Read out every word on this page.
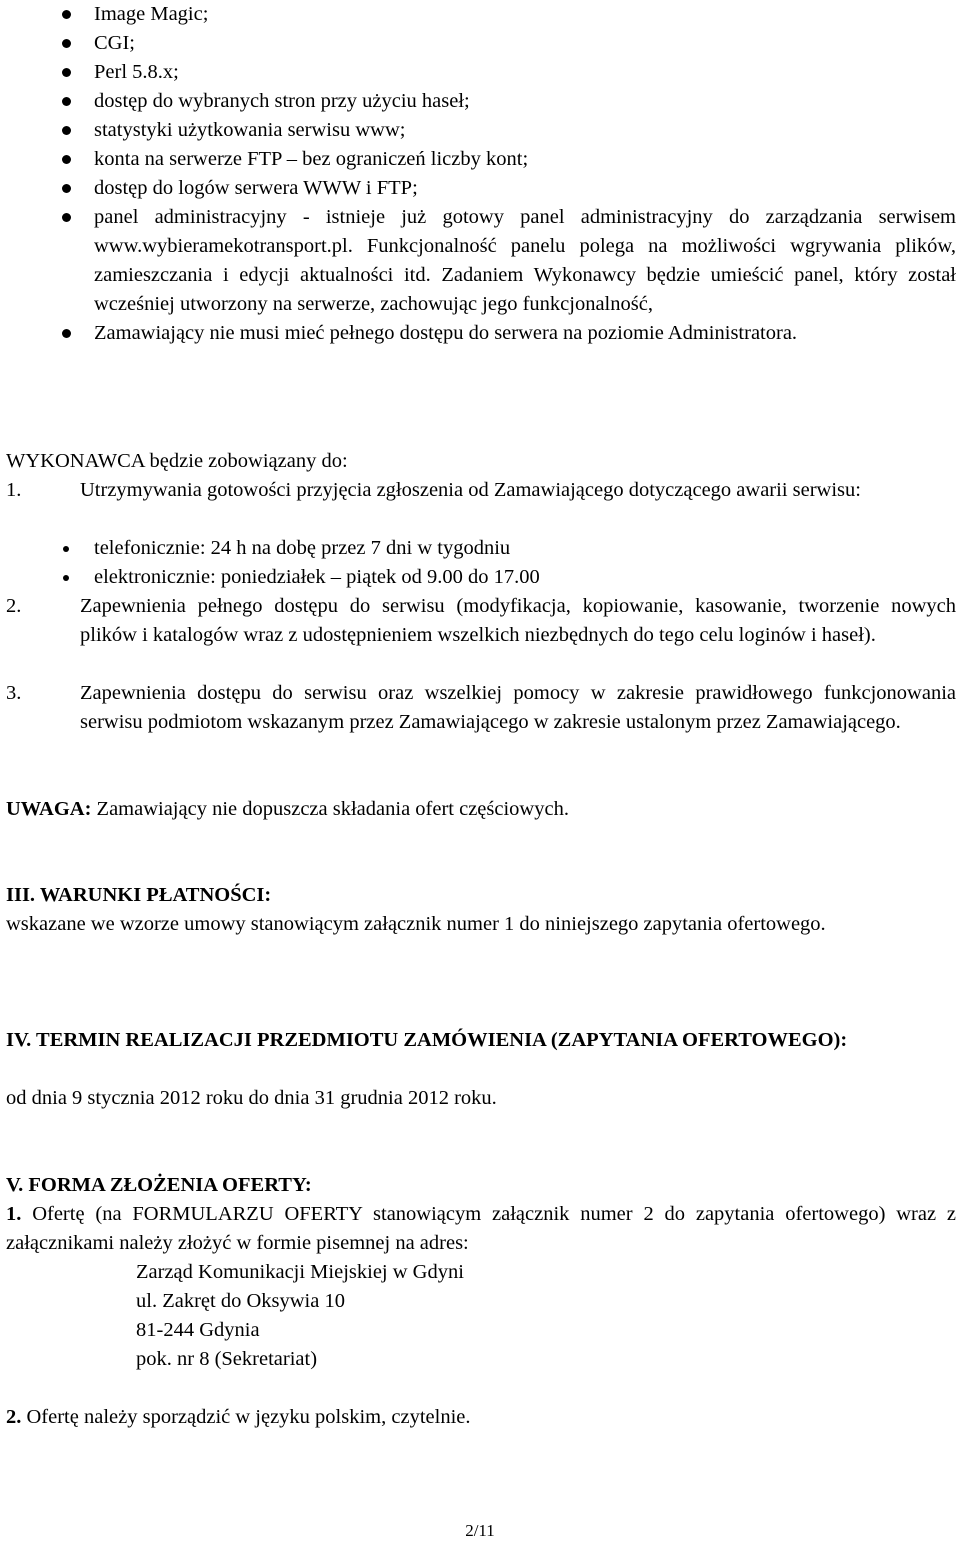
Image Magic;
CGI;
Perl 5.8.x;
dostęp do wybranych stron przy użyciu haseł;
statystyki użytkowania serwisu www;
konta na serwerze FTP – bez ograniczeń liczby kont;
dostęp do logów serwera WWW i FTP;
panel administracyjny - istnieje już gotowy panel administracyjny do zarządzania serwisem www.wybieramekotransport.pl. Funkcjonalność panelu polega na możliwości wgrywania plików, zamieszczania i edycji aktualności itd. Zadaniem Wykonawcy będzie umieścić panel, który został wcześniej utworzony na serwerze, zachowując jego funkcjonalność,
Zamawiający nie musi mieć pełnego dostępu do serwera na poziomie Administratora.
WYKONAWCA będzie zobowiązany do:
1.	Utrzymywania gotowości przyjęcia zgłoszenia od Zamawiającego dotyczącego awarii serwisu:
telefonicznie: 24 h na dobę przez 7 dni w tygodniu
elektronicznie: poniedziałek – piątek od 9.00 do 17.00
2.	Zapewnienia pełnego dostępu do serwisu (modyfikacja, kopiowanie, kasowanie, tworzenie nowych plików i katalogów wraz z udostępnieniem wszelkich niezbędnych do tego celu loginów i haseł).
3.	Zapewnienia dostępu do serwisu oraz wszelkiej pomocy w zakresie prawidłowego funkcjonowania serwisu podmiotom wskazanym przez Zamawiającego w zakresie ustalonym przez Zamawiającego.
UWAGA: Zamawiający nie dopuszcza składania ofert częściowych.
III. WARUNKI PŁATNOŚCI:
wskazane we wzorze umowy stanowiącym załącznik numer 1 do niniejszego zapytania ofertowego.
IV. TERMIN REALIZACJI PRZEDMIOTU ZAMÓWIENIA (ZAPYTANIA OFERTOWEGO):
od dnia 9 stycznia 2012 roku do dnia 31 grudnia 2012 roku.
V. FORMA ZŁOŻENIA OFERTY:
1. Ofertę (na FORMULARZU OFERTY stanowiącym załącznik numer 2 do zapytania ofertowego) wraz z załącznikami należy złożyć w formie pisemnej na adres:
Zarząd Komunikacji Miejskiej w Gdyni
ul. Zakręt do Oksywia 10
81-244 Gdynia
pok. nr 8 (Sekretariat)
2. Ofertę należy sporządzić w języku polskim, czytelnie.
2/11
